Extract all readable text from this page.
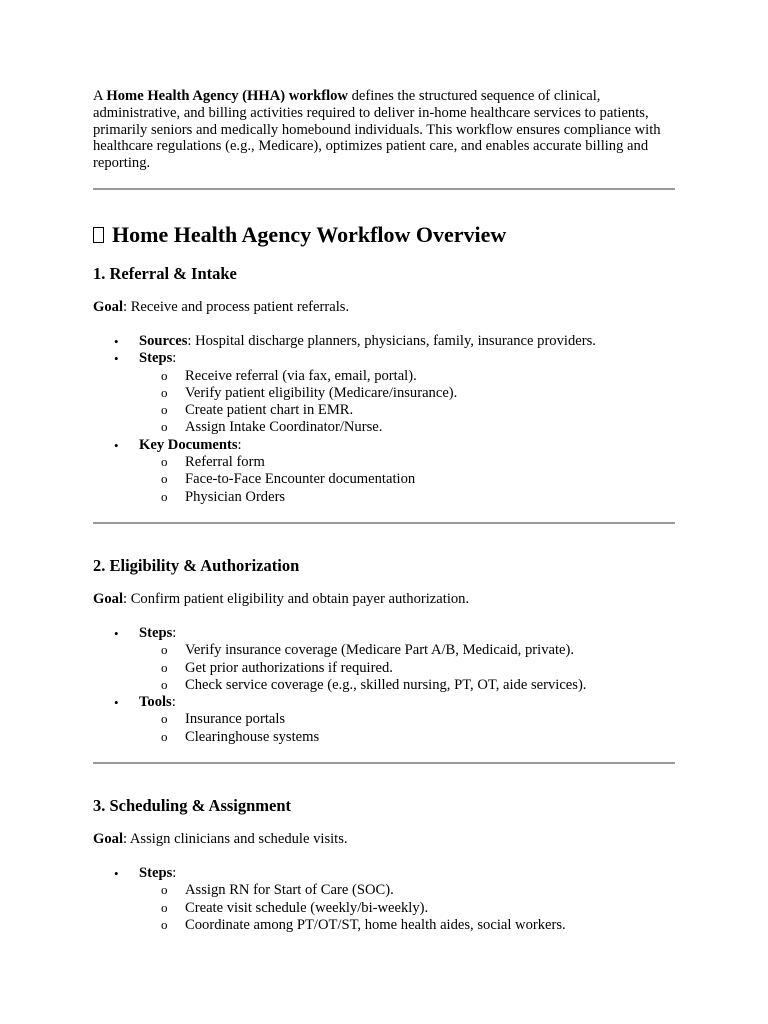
A Home Health Agency (HHA) workflow defines the structured sequence of clinical, administrative, and billing activities required to deliver in-home healthcare services to patients, primarily seniors and medically homebound individuals. This workflow ensures compliance with healthcare regulations (e.g., Medicare), optimizes patient care, and enables accurate billing and reporting.

Home Health Agency Workflow Overview
1. Referral & Intake

Goal: Receive and process patient referrals.

• Sources: Hospital discharge planners, physicians, family, insurance providers.
• Steps:
o Receive referral (via fax, email, portal).
o Verify patient eligibility (Medicare/insurance).
o Create patient chart in EMR.
o Assign Intake Coordinator/Nurse.
• Key Documents:
o Referral form
o Face-to-Face Encounter documentation
o Physician Orders
2. Eligibility & Authorization

Goal: Confirm patient eligibility and obtain payer authorization.

• Steps:
o Verify insurance coverage (Medicare Part A/B, Medicaid, private).
o Get prior authorizations if required.
o Check service coverage (e.g., skilled nursing, PT, OT, aide services).
• Tools:
o Insurance portals
o Clearinghouse systems
3. Scheduling & Assignment

Goal: Assign clinicians and schedule visits.

• Steps:
o Assign RN for Start of Care (SOC).
o Create visit schedule (weekly/bi-weekly).
o Coordinate among PT/OT/ST, home health aides, social workers.
